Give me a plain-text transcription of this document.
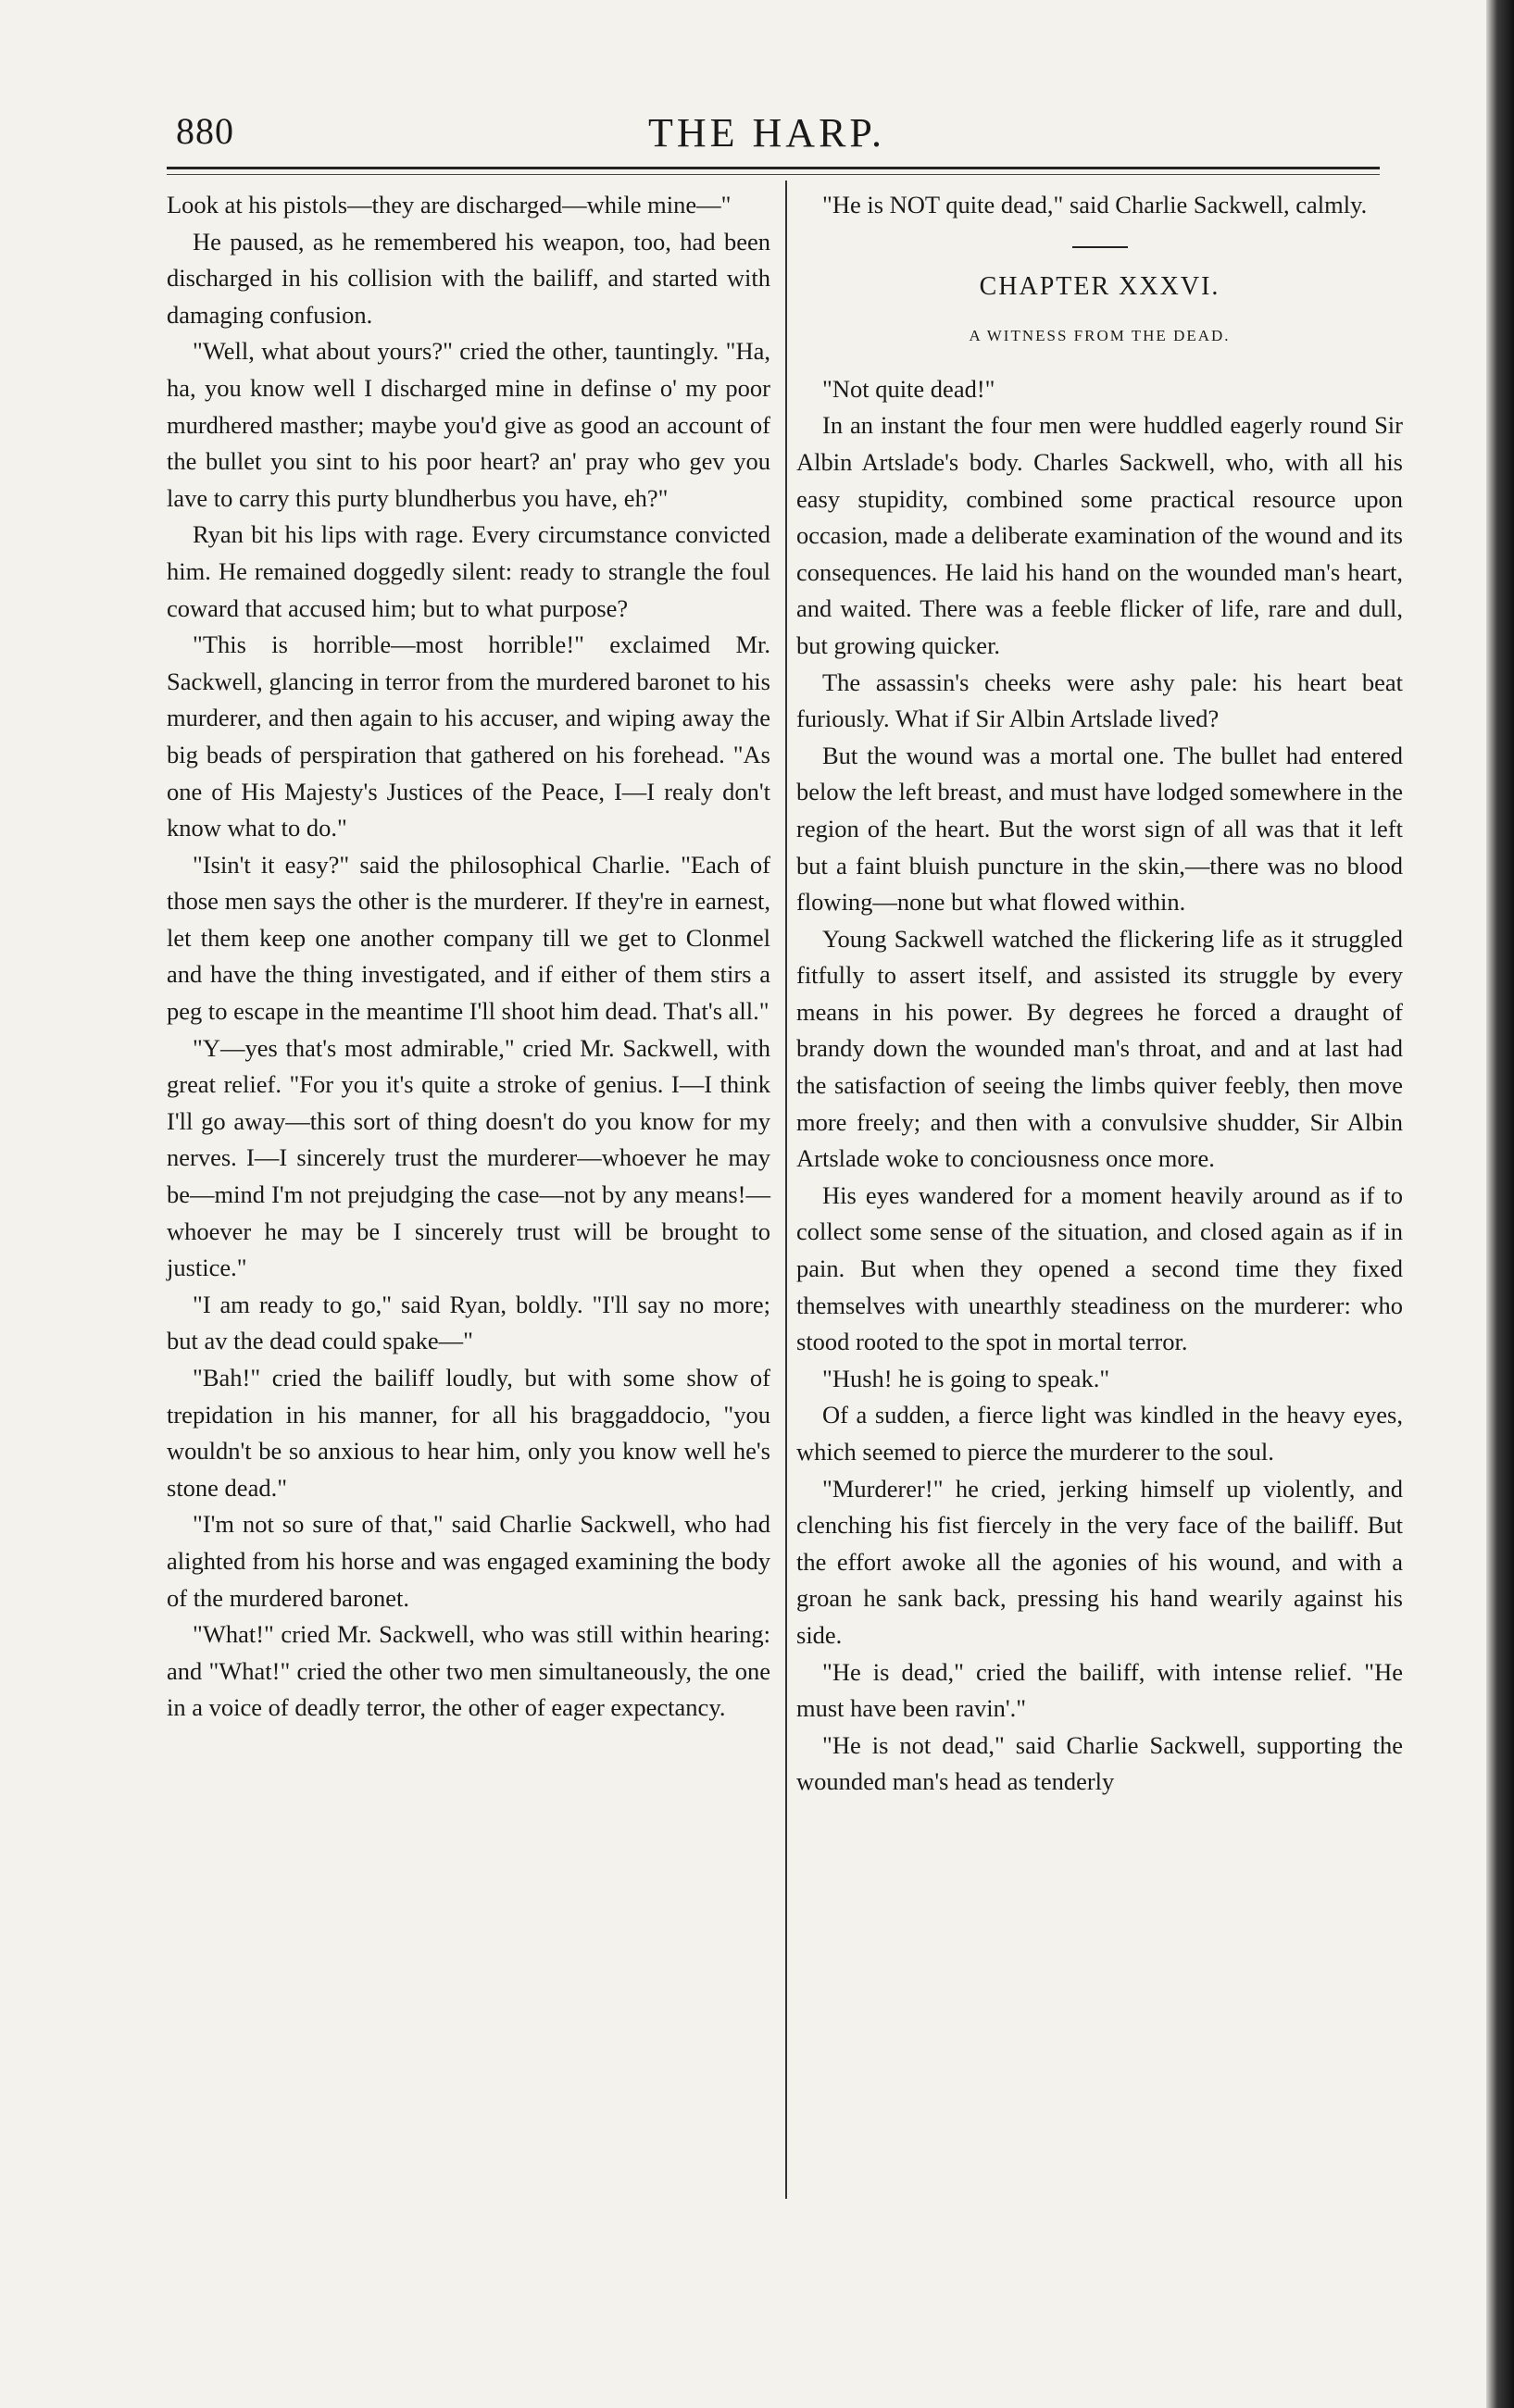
880	THE HARP.

Look at his pistols—they are discharged—while mine—"

He paused, as he remembered his weapon, too, had been discharged in his collision with the bailiff, and started with damaging confusion.

"Well, what about yours?" cried the other, tauntingly. "Ha, ha, you know well I discharged mine in definse o' my poor murdhered masther; maybe you'd give as good an account of the bullet you sint to his poor heart? an' pray who gev you lave to carry this purty blundherbus you have, eh?"

Ryan bit his lips with rage. Every circumstance convicted him. He remained doggedly silent: ready to strangle the foul coward that accused him; but to what purpose?

"This is horrible—most horrible!" exclaimed Mr. Sackwell, glancing in terror from the murdered baronet to his murderer, and then again to his accuser, and wiping away the big beads of perspiration that gathered on his forehead. "As one of His Majesty's Justices of the Peace, I—I realy don't know what to do."

"Isin't it easy?" said the philosophical Charlie. "Each of those men says the other is the murderer. If they're in earnest, let them keep one another company till we get to Clonmel and have the thing investigated, and if either of them stirs a peg to escape in the meantime I'll shoot him dead. That's all."

"Y—yes that's most admirable," cried Mr. Sackwell, with great relief. "For you it's quite a stroke of genius. I—I think I'll go away—this sort of thing doesn't do you know for my nerves. I—I sincerely trust the murderer—whoever he may be—mind I'm not prejudging the case—not by any means!—whoever he may be I sincerely trust will be brought to justice."

"I am ready to go," said Ryan, boldly. "I'll say no more; but av the dead could spake—"

"Bah!" cried the bailiff loudly, but with some show of trepidation in his manner, for all his braggaddocio, "you wouldn't be so anxious to hear him, only you know well he's stone dead."

"I'm not so sure of that," said Charlie Sackwell, who had alighted from his horse and was engaged examining the body of the murdered baronet.

"What!" cried Mr. Sackwell, who was still within hearing: and "What!" cried the other two men simultaneously, the one in a voice of deadly terror, the other of eager expectancy.

"He is NOT quite dead," said Charlie Sackwell, calmly.

CHAPTER XXXVI.
A WITNESS FROM THE DEAD.

"Not quite dead!"

In an instant the four men were huddled eagerly round Sir Albin Artslade's body. Charles Sackwell, who, with all his easy stupidity, combined some practical resource upon occasion, made a deliberate examination of the wound and its consequences. He laid his hand on the wounded man's heart, and waited. There was a feeble flicker of life, rare and dull, but growing quicker.

The assassin's cheeks were ashy pale: his heart beat furiously. What if Sir Albin Artslade lived?

But the wound was a mortal one. The bullet had entered below the left breast, and must have lodged somewhere in the region of the heart. But the worst sign of all was that it left but a faint bluish puncture in the skin,—there was no blood flowing—none but what flowed within.

Young Sackwell watched the flickering life as it struggled fitfully to assert itself, and assisted its struggle by every means in his power. By degrees he forced a draught of brandy down the wounded man's throat, and and at last had the satisfaction of seeing the limbs quiver feebly, then move more freely; and then with a convulsive shudder, Sir Albin Artslade woke to conciousness once more.

His eyes wandered for a moment heavily around as if to collect some sense of the situation, and closed again as if in pain. But when they opened a second time they fixed themselves with unearthly steadiness on the murderer: who stood rooted to the spot in mortal terror.

"Hush! he is going to speak."

Of a sudden, a fierce light was kindled in the heavy eyes, which seemed to pierce the murderer to the soul.

"Murderer!" he cried, jerking himself up violently, and clenching his fist fiercely in the very face of the bailiff. But the effort awoke all the agonies of his wound, and with a groan he sank back, pressing his hand wearily against his side.

"He is dead," cried the bailiff, with intense relief. "He must have been ravin'."

"He is not dead," said Charlie Sackwell, supporting the wounded man's head as tenderly
